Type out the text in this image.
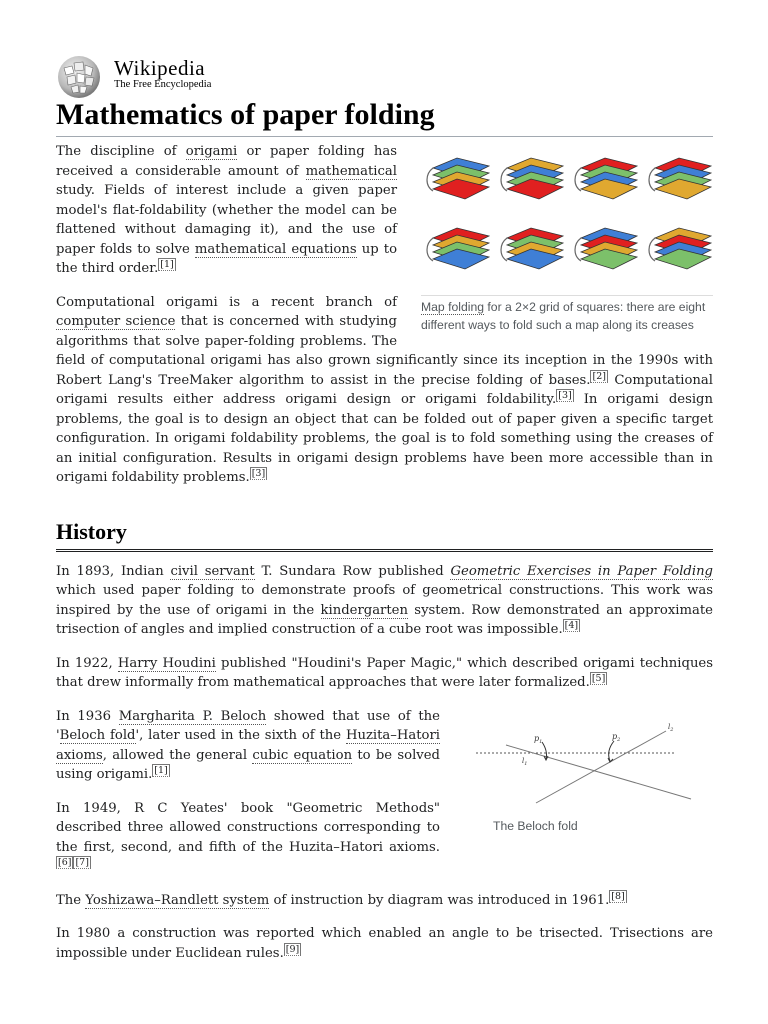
Wikipedia
The Free Encyclopedia
Mathematics of paper folding
Map folding for a 2×2 grid of squares: there are eight different ways to fold such a map along its creases

The discipline of origami or paper folding has received a considerable amount of mathematical study. Fields of interest include a given paper model's flat-foldability (whether the model can be flattened without damaging it), and the use of paper folds to solve mathematical equations up to the third order. [1]

Computational origami is a recent branch of computer science that is concerned with studying algorithms that solve paper-folding problems. The field of computational origami has also grown significantly since its inception in the 1990s with Robert Lang's TreeMaker algorithm to assist in the precise folding of bases. [2] Computational origami results either address origami design or origami foldability. [3] In origami design problems, the goal is to design an object that can be folded out of paper given a specific target configuration. In origami foldability problems, the goal is to fold something using the creases of an initial configuration. Results in origami design problems have been more accessible than in origami foldability problems. [3]

History

In 1893, Indian civil servant T. Sundara Row published Geometric Exercises in Paper Folding which used paper folding to demonstrate proofs of geometrical constructions. This work was inspired by the use of origami in the kindergarten system. Row demonstrated an approximate trisection of angles and implied construction of a cube root was impossible. [4]

In 1922, Harry Houdini published "Houdini's Paper Magic," which described origami techniques that drew informally from mathematical approaches that were later formalized. [5]

$p_1$
$p_2$
$l_1$
$l_2$
The Beloch fold

In 1936 Margharita P. Beloch showed that use of the 'Beloch fold', later used in the sixth of the Huzita–Hatori axioms, allowed the general cubic equation to be solved using origami. [1]

In 1949, R C Yeates' book "Geometric Methods" described three allowed constructions corresponding to the first, second, and fifth of the Huzita–Hatori axioms.[6] [7]

The Yoshizawa–Randlett system of instruction by diagram was introduced in 1961. [8]

In 1980 a construction was reported which enabled an angle to be trisected. Trisections are impossible under Euclidean rules. [9]
